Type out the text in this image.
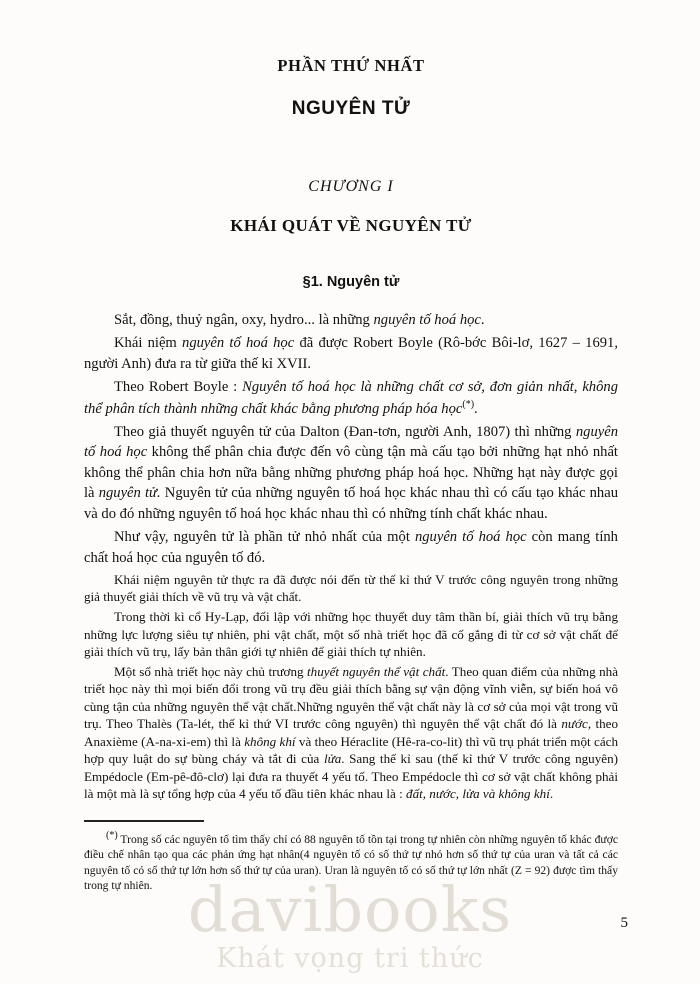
PHẦN THỨ NHẤT
NGUYÊN TỬ
CHƯƠNG I
KHÁI QUÁT VỀ NGUYÊN TỬ
§1. Nguyên tử

Sắt, đồng, thuỷ ngân, oxy, hydro... là những nguyên tố hoá học.

Khái niệm nguyên tố hoá học đã được Robert Boyle (Rô-bớc Bôi-lơ, 1627 – 1691, người Anh) đưa ra từ giữa thế kỉ XVII.

Theo Robert Boyle : Nguyên tố hoá học là những chất cơ sở, đơn giản nhất, không thể phân tích thành những chất khác bằng phương pháp hóa học(*).

Theo giả thuyết nguyên tử của Dalton (Đan-tơn, người Anh, 1807) thì những nguyên tố hoá học không thể phân chia được đến vô cùng tận mà cấu tạo bởi những hạt nhỏ nhất không thể phân chia hơn nữa bằng những phương pháp hoá học. Những hạt này được gọi là nguyên tử. Nguyên tử của những nguyên tố hoá học khác nhau thì có cấu tạo khác nhau và do đó những nguyên tố hoá học khác nhau thì có những tính chất khác nhau.

Như vậy, nguyên tử là phần tử nhỏ nhất của một nguyên tố hoá học còn mang tính chất hoá học của nguyên tố đó.

Khái niệm nguyên tử thực ra đã được nói đến từ thế kỉ thứ V trước công nguyên trong những giả thuyết giải thích về vũ trụ và vật chất.

Trong thời kì cổ Hy-Lạp, đối lập với những học thuyết duy tâm thần bí, giải thích vũ trụ bằng những lực lượng siêu tự nhiên, phi vật chất, một số nhà triết học đã cố gắng đi từ cơ sở vật chất để giải thích vũ trụ, lấy bản thân giới tự nhiên để giải thích tự nhiên.

Một số nhà triết học này chủ trương thuyết nguyên thể vật chất. Theo quan điểm của những nhà triết học này thì mọi biến đổi trong vũ trụ đều giải thích bằng sự vận động vĩnh viễn, sự biến hoá vô cùng tận của những nguyên thể vật chất.Những nguyên thể vật chất này là cơ sở của mọi vật trong vũ trụ. Theo Thalès (Ta-lét, thế kỉ thứ VI trước công nguyên) thì nguyên thể vật chất đó là nước, theo Anaxième (A-na-xi-em) thì là không khí và theo Héraclite (Hê-ra-co-lit) thì vũ trụ phát triển một cách hợp quy luật do sự bùng cháy và tắt đi của lửa. Sang thế kỉ sau (thế kỉ thứ V trước công nguyên) Empédocle (Em-pê-đô-clơ) lại đưa ra thuyết 4 yếu tố. Theo Empédocle thì cơ sở vật chất không phải là một mà là sự tổng hợp của 4 yếu tố đầu tiên khác nhau là : đất, nước, lửa và không khí.

(*) Trong số các nguyên tố tìm thấy chỉ có 88 nguyên tố tồn tại trong tự nhiên còn những nguyên tố khác được điều chế nhân tạo qua các phản ứng hạt nhân(4 nguyên tố có số thứ tự nhỏ hơn số thứ tự của uran và tất cả các nguyên tố có số thứ tự lớn hơn số thứ tự của uran). Uran là nguyên tố có số thứ tự lớn nhất (Z = 92) được tìm thấy trong tự nhiên.

5
davibooks
Khát vọng tri thức
